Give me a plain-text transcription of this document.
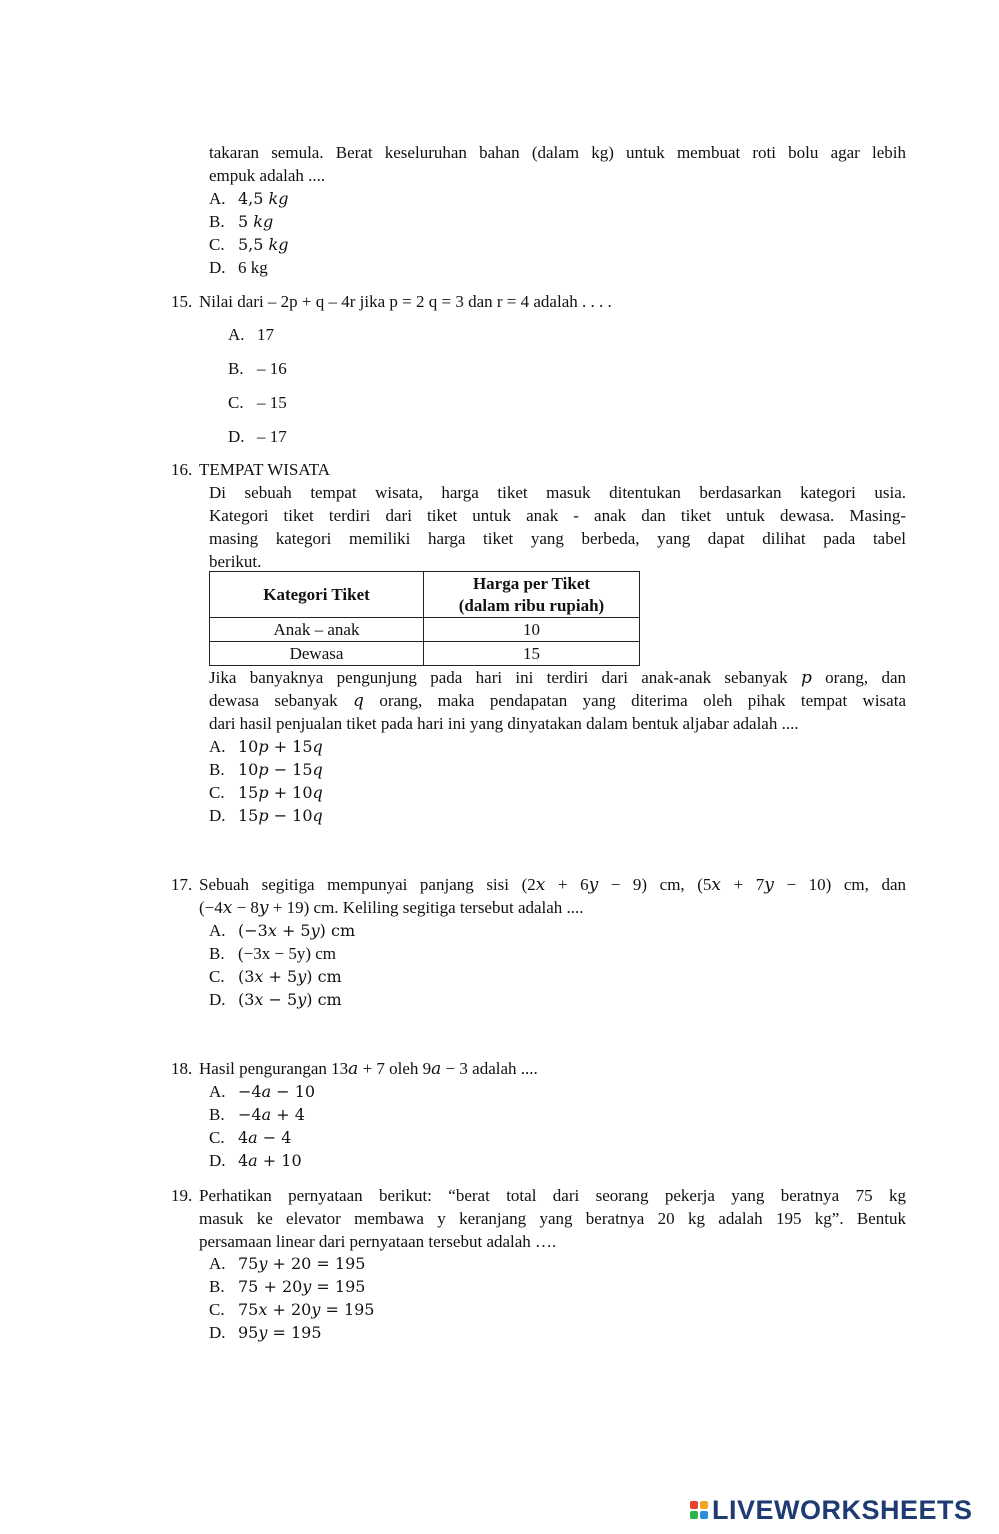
takaran semula. Berat keseluruhan bahan (dalam kg) untuk membuat roti bolu agar lebih
empuk adalah ....
A. 4,5 𝑘𝑔
B. 5 𝑘𝑔
C. 5,5 𝑘𝑔
D. 6 kg
15. Nilai dari – 2p + q – 4r jika p = 2 q = 3 dan r = 4 adalah . . . .
A. 17
B. – 16
C. – 15
D. – 17
16. TEMPAT WISATA
Di sebuah tempat wisata, harga tiket masuk ditentukan berdasarkan kategori usia.
Kategori tiket terdiri dari tiket untuk anak - anak dan tiket untuk dewasa. Masing-
masing kategori memiliki harga tiket yang berbeda, yang dapat dilihat pada tabel
berikut.
Kategori Tiket	Harga per Tiket
(dalam ribu rupiah)

Anak – anak	10
Dewasa	15
Jika banyaknya pengunjung pada hari ini terdiri dari anak-anak sebanyak 𝑝 orang, dan
dewasa sebanyak 𝑞 orang, maka pendapatan yang diterima oleh pihak tempat wisata
dari hasil penjualan tiket pada hari ini yang dinyatakan dalam bentuk aljabar adalah ....
A. 10𝑝 + 15𝑞
B. 10𝑝 − 15𝑞
C. 15𝑝 + 10𝑞
D. 15𝑝 − 10𝑞
17. Sebuah segitiga mempunyai panjang sisi (2𝑥 + 6𝑦 − 9) cm, (5𝑥 + 7𝑦 − 10) cm, dan
(−4𝑥 − 8𝑦 + 19) cm. Keliling segitiga tersebut adalah ....
A. (−3𝑥 + 5𝑦) cm
B. (−3x − 5y) cm
C. (3𝑥 + 5𝑦) cm
D. (3𝑥 − 5𝑦) cm
18. Hasil pengurangan 13𝑎 + 7 oleh 9𝑎 − 3 adalah ....
A. −4𝑎 − 10
B. −4𝑎 + 4
C. 4𝑎 − 4
D. 4𝑎 + 10
19. Perhatikan pernyataan berikut: “berat total dari seorang pekerja yang beratnya 75 kg
masuk ke elevator membawa y keranjang yang beratnya 20 kg adalah 195 kg”. Bentuk
persamaan linear dari pernyataan tersebut adalah ….
A. 75𝑦 + 20 = 195
B. 75 + 20𝑦 = 195
C. 75𝑥 + 20𝑦 = 195
D. 95𝑦 = 195
LIVEWORKSHEETS
